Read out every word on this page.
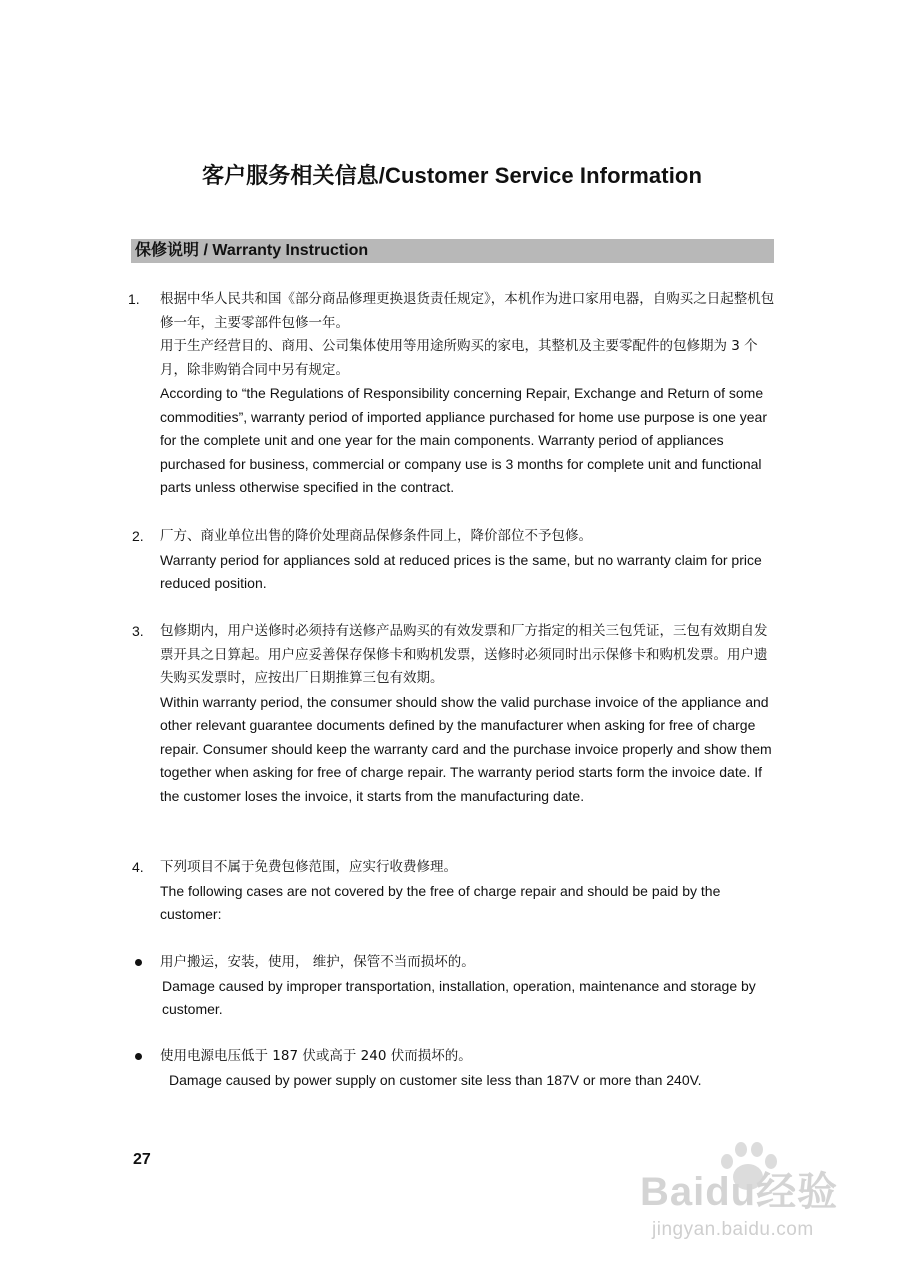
客户服务相关信息/Customer Service Information
保修说明 / Warranty Instruction
1.	根据中华人民共和国《部分商品修理更换退货责任规定》，本机作为进口家用电器，自购买之日起整机包修一年，主要零部件包修一年。

用于生产经营目的、商用、公司集体使用等用途所购买的家电，其整机及主要零配件的包修期为 3 个月，除非购销合同中另有规定。

According to “the Regulations of Responsibility concerning Repair, Exchange and Return of some commodities”, warranty period of imported appliance purchased for home use purpose is one year for the complete unit and one year for the main components. Warranty period of appliances purchased for business, commercial or company use is 3 months for complete unit and functional parts unless otherwise specified in the contract.

2.	厂方、商业单位出售的降价处理商品保修条件同上，降价部位不予包修。

Warranty period for appliances sold at reduced prices is the same, but no warranty claim for price reduced position.

3.	包修期内，用户送修时必须持有送修产品购买的有效发票和厂方指定的相关三包凭证，三包有效期自发票开具之日算起。用户应妥善保存保修卡和购机发票，送修时必须同时出示保修卡和购机发票。用户遗失购买发票时，应按出厂日期推算三包有效期。

Within warranty period, the consumer should show the valid purchase invoice of the appliance and other relevant guarantee documents defined by the manufacturer when asking for free of charge repair. Consumer should keep the warranty card and the purchase invoice properly and show them together when asking for free of charge repair. The warranty period starts form the invoice date. If the customer loses the invoice, it starts from the manufacturing date.

4.	下列项目不属于免费包修范围，应实行收费修理。

The following cases are not covered by the free of charge repair and should be paid by the customer:

用户搬运，安装，使用， 维护，保管不当而损坏的。

Damage caused by improper transportation, installation, operation, maintenance and storage by customer.

使用电源电压低于 187 伏或高于 240 伏而损坏的。

Damage caused by power supply on customer site less than 187V or more than 240V.

27
Baidu经验
jingyan.baidu.com
